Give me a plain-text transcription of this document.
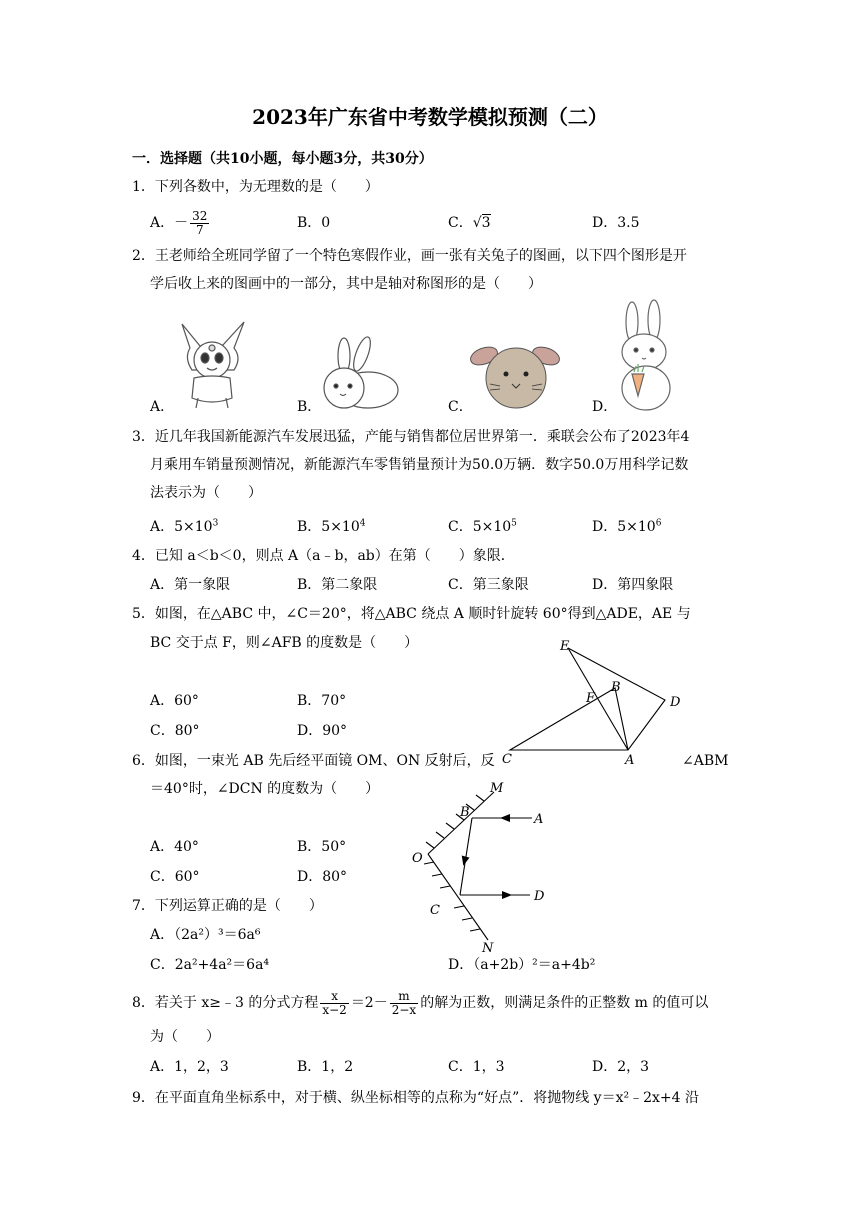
2023年广东省中考数学模拟预测（二）
一．选择题（共10小题，每小题3分，共30分）
1．下列各数中，为无理数的是（　　）
A．－ $\frac{32}{7}$	B．0	C．√3	D．3.5
2．王老师给全班同学留了一个特色寒假作业，画一张有关兔子的图画，以下四个图形是开
学后收上来的图画中的一部分，其中是轴对称图形的是（　　）
A．	B．	C．	D．
3．近几年我国新能源汽车发展迅猛，产能与销售都位居世界第一．乘联会公布了2023年4
月乘用车销量预测情况，新能源汽车零售销量预计为50.0万辆．数字50.0万用科学记数
法表示为（　　）
A．$5\times 10^3$	B．$5\times 10^4$	C．$5\times 10^5$	D．$5\times 10^6$
4．已知 a＜b＜0，则点 A（a﹣b，ab）在第（　　）象限．
A．第一象限	B．第二象限	C．第三象限	D．第四象限
5．如图，在△ABC 中，∠C＝20°，将△ABC 绕点 A 顺时针旋转 60°得到△ADE，AE 与
BC 交于点 F，则∠AFB 的度数是（　　）
A．60°	B．70°
C．80°	D．90°
E
B
F	D
C	A
6．如图，一束光 AB 先后经平面镜 OM、ON 反射后，反	∠ABM
＝40°时，∠DCN 的度数为（　　）
A．40°	B．50°
C．60°	D．80°
M
B	A
O
C
D
N
7．下列运算正确的是（　　）
A．（2a²）³＝6a⁶
C．2a²+4a²＝6a⁴	D．（a+2b）²＝a+4b²
8．若关于 x≥﹣3 的分式方程 $\frac{x}{x-2} =2- \frac{m}{2-x}$ 的解为正数，则满足条件的正整数 m 的值可以
为（　　）
A．1，2，3	B．1，2	C．1，3	D．2，3
9．在平面直角坐标系中，对于横、纵坐标相等的点称为“好点”．将抛物线 y＝x²﹣2x+4 沿
